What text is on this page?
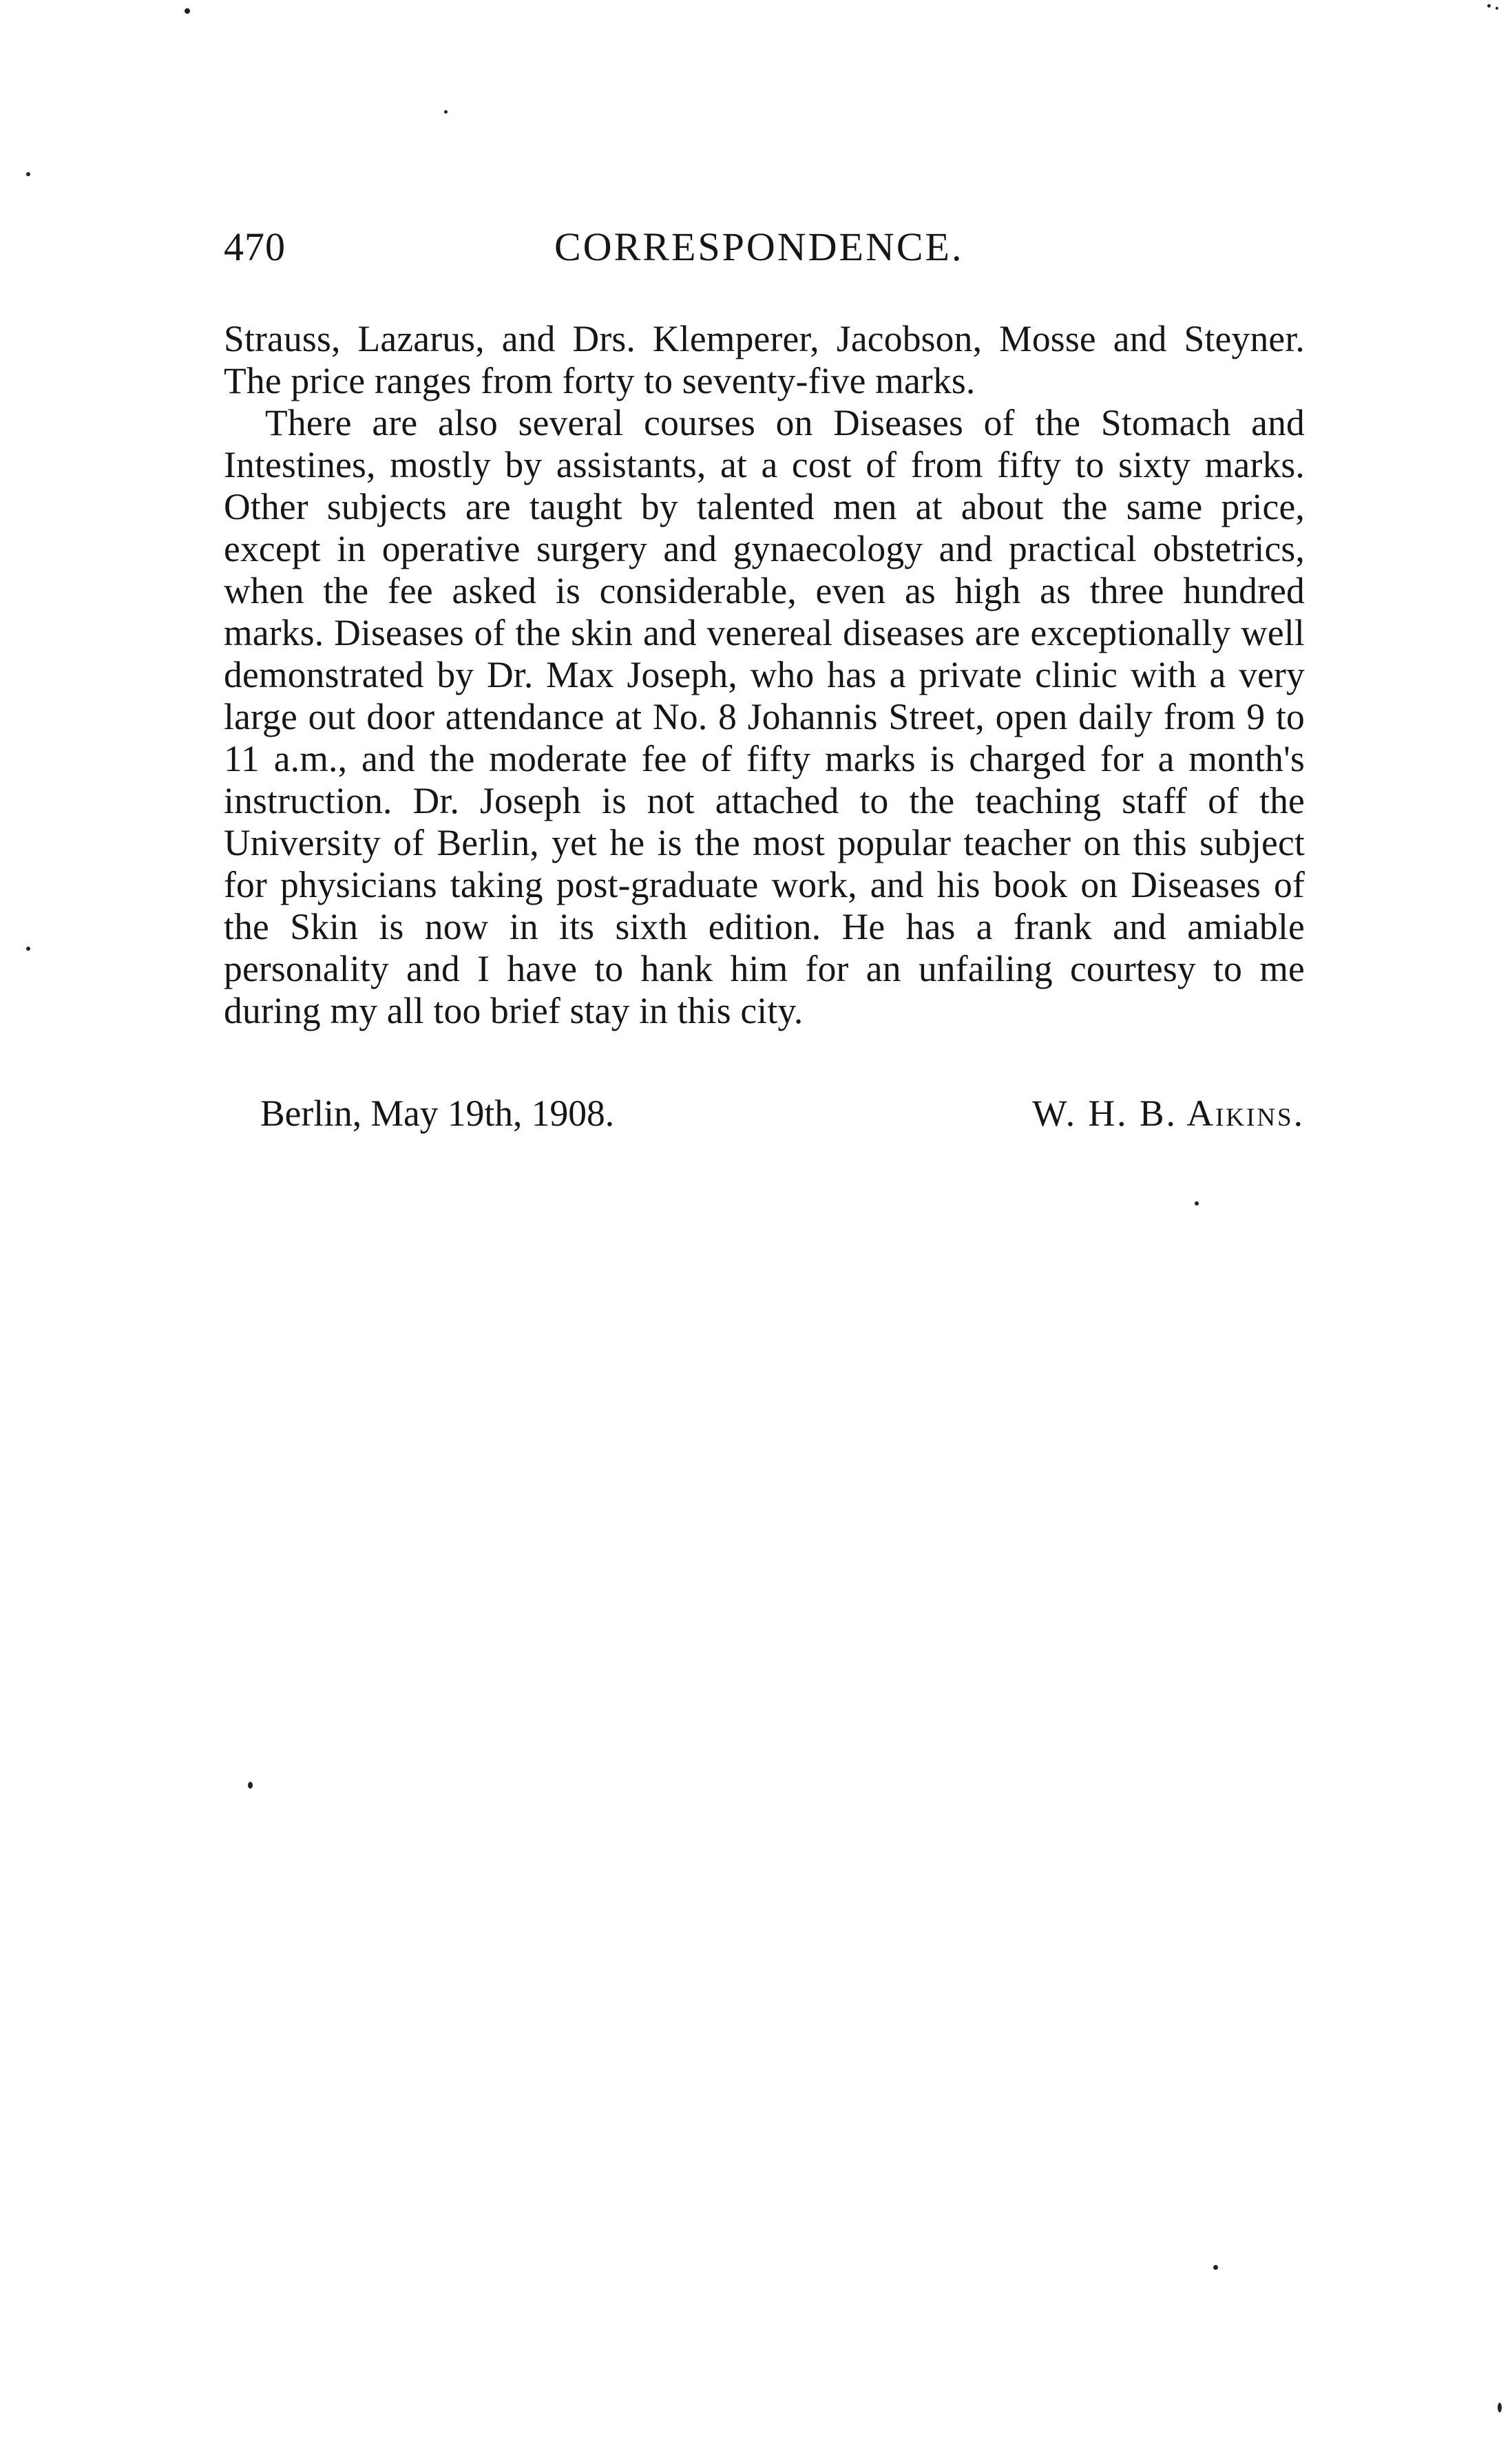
470	CORRESPONDENCE.

Strauss, Lazarus, and Drs. Klemperer, Jacobson, Mosse and Steyner. The price ranges from forty to seventy-five marks.

There are also several courses on Diseases of the Stomach and Intestines, mostly by assistants, at a cost of from fifty to sixty marks. Other subjects are taught by talented men at about the same price, except in operative surgery and gynaecology and practical obstetrics, when the fee asked is considerable, even as high as three hundred marks. Diseases of the skin and venereal diseases are exceptionally well demonstrated by Dr. Max Joseph, who has a private clinic with a very large out door attendance at No. 8 Johannis Street, open daily from 9 to 11 a.m., and the moderate fee of fifty marks is charged for a month's instruction. Dr. Joseph is not attached to the teaching staff of the University of Berlin, yet he is the most popular teacher on this subject for physicians taking post-graduate work, and his book on Diseases of the Skin is now in its sixth edition. He has a frank and amiable personality and I have to hank him for an unfailing courtesy to me during my all too brief stay in this city.

Berlin, May 19th, 1908.	W. H. B. Aikins.
